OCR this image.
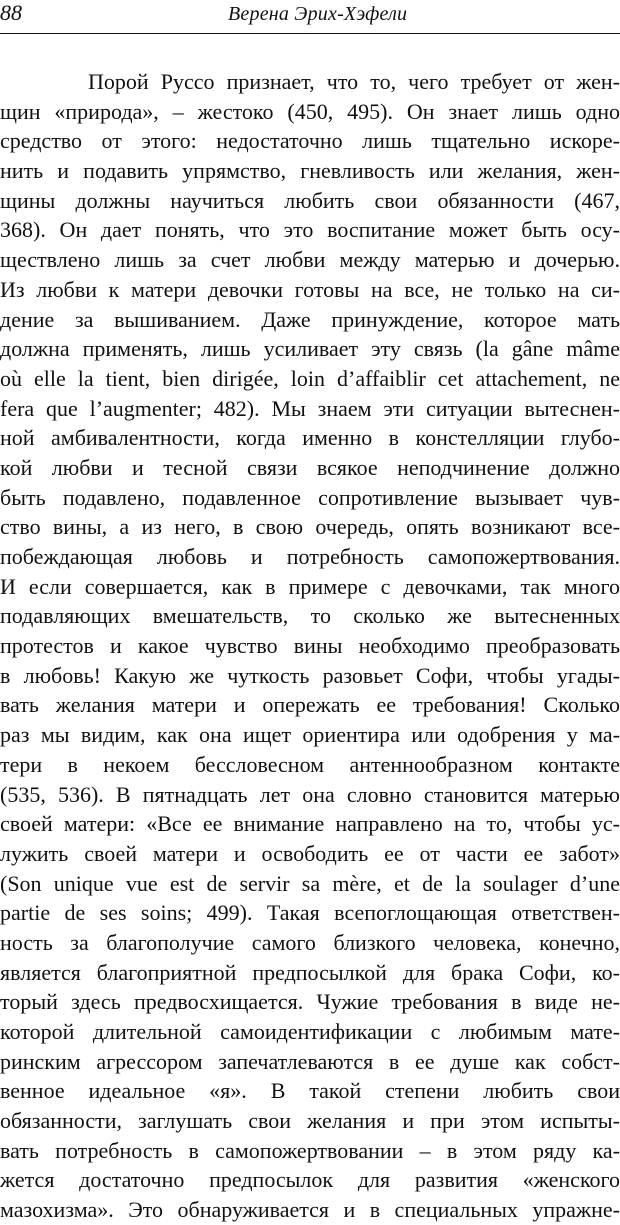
88	Верена Эрих-Хэфели
Порой Руссо признает, что то, чего требует от жен-
щин «природа», – жестоко (450, 495). Он знает лишь одно
средство от этого: недостаточно лишь тщательно искоре-
нить и подавить упрямство, гневливость или желания, жен-
щины должны научиться любить свои обязанности (467,
368). Он дает понять, что это воспитание может быть осу-
ществлено лишь за счет любви между матерью и дочерью.
Из любви к матери девочки готовы на все, не только на си-
дение за вышиванием. Даже принуждение, которое мать
должна применять, лишь усиливает эту связь (la gâne mâme
où elle la tient, bien dirigée, loin d’affaiblir cet attachement, ne
fera que l’augmenter; 482). Мы знаем эти ситуации вытеснен-
ной амбивалентности, когда именно в констелляции глубо-
кой любви и тесной связи всякое неподчинение должно
быть подавлено, подавленное сопротивление вызывает чув-
ство вины, а из него, в свою очередь, опять возникают все-
побеждающая любовь и потребность самопожертвования.
И если совершается, как в примере с девочками, так много
подавляющих вмешательств, то сколько же вытесненных
протестов и какое чувство вины необходимо преобразовать
в любовь! Какую же чуткость разовьет Софи, чтобы угады-
вать желания матери и опережать ее требования! Сколько
раз мы видим, как она ищет ориентира или одобрения у ма-
тери в некоем бессловесном антеннообразном контакте
(535, 536). В пятнадцать лет она словно становится матерью
своей матери: «Все ее внимание направлено на то, чтобы ус-
лужить своей матери и освободить ее от части ее забот»
(Son unique vue est de servir sa mère, et de la soulager d’une
partie de ses soins; 499). Такая всепоглощающая ответствен-
ность за благополучие самого близкого человека, конечно,
является благоприятной предпосылкой для брака Софи, ко-
торый здесь предвосхищается. Чужие требования в виде не-
которой длительной самоидентификации с любимым мате-
ринским агрессором запечатлеваются в ее душе как собст-
венное идеальное «я». В такой степени любить свои
обязанности, заглушать свои желания и при этом испыты-
вать потребность в самопожертвовании – в этом ряду ка-
жется достаточно предпосылок для развития «женского
мазохизма». Это обнаруживается и в специальных упражне-
